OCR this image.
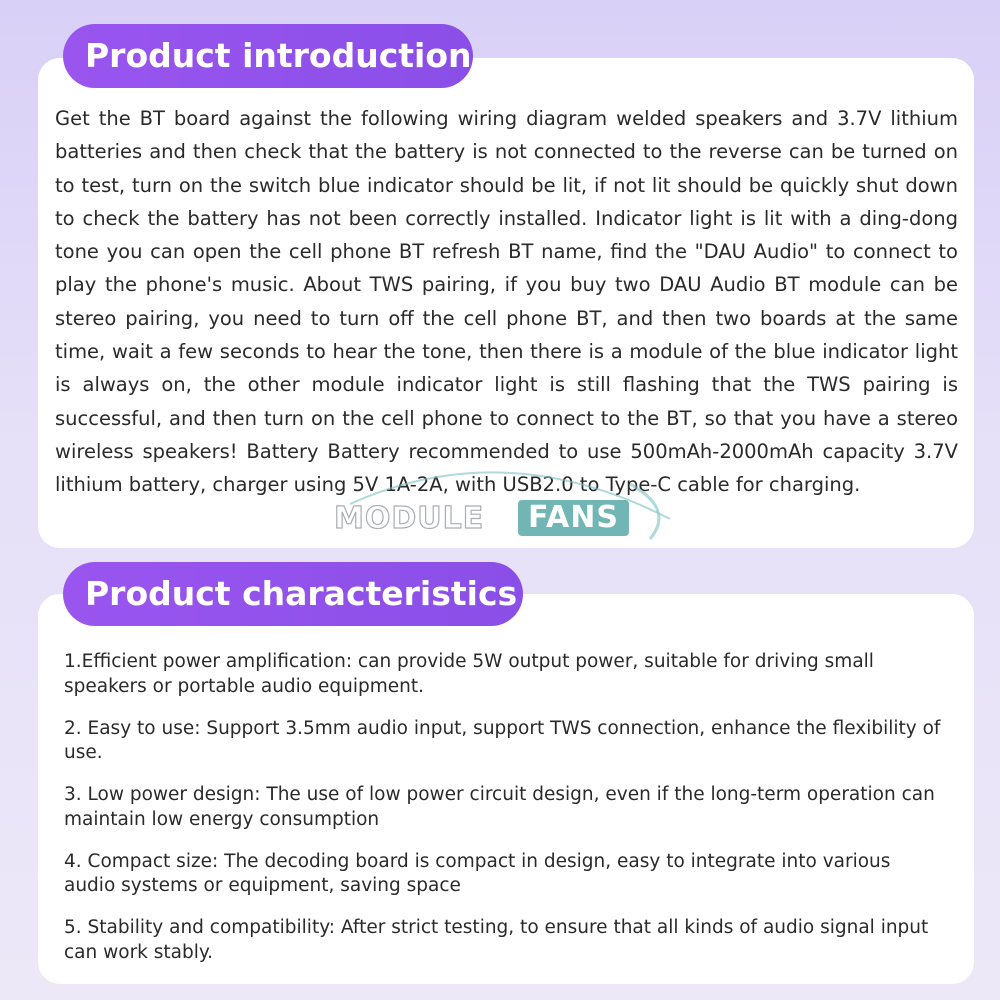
Product introduction

Get the BT board against the following wiring diagram welded speakers and 3.7V lithium batteries and then check that the battery is not connected to the reverse can be turned on to test, turn on the switch blue indicator should be lit, if not lit should be quickly shut down to check the battery has not been correctly installed. Indicator light is lit with a ding-dong tone you can open the cell phone BT refresh BT name, find the "DAU Audio" to connect to play the phone's music. About TWS pairing, if you buy two DAU Audio BT module can be stereo pairing, you need to turn off the cell phone BT, and then two boards at the same time, wait a few seconds to hear the tone, then there is a module of the blue indicator light is always on, the other module indicator light is still flashing that the TWS pairing is successful, and then turn on the cell phone to connect to the BT, so that you have a stereo wireless speakers! Battery Battery recommended to use 500mAh-2000mAh capacity 3.7V lithium battery, charger using 5V 1A-2A, with USB2.0 to Type-C cable for charging.

Product characteristics
1.Efficient power amplification: can provide 5W output power, suitable for driving small speakers or portable audio equipment.
2. Easy to use: Support 3.5mm audio input, support TWS connection, enhance the flexibility of use.
3. Low power design: The use of low power circuit design, even if the long-term operation can maintain low energy consumption
4. Compact size: The decoding board is compact in design, easy to integrate into various audio systems or equipment, saving space
5. Stability and compatibility: After strict testing, to ensure that all kinds of audio signal input can work stably.
FANS
